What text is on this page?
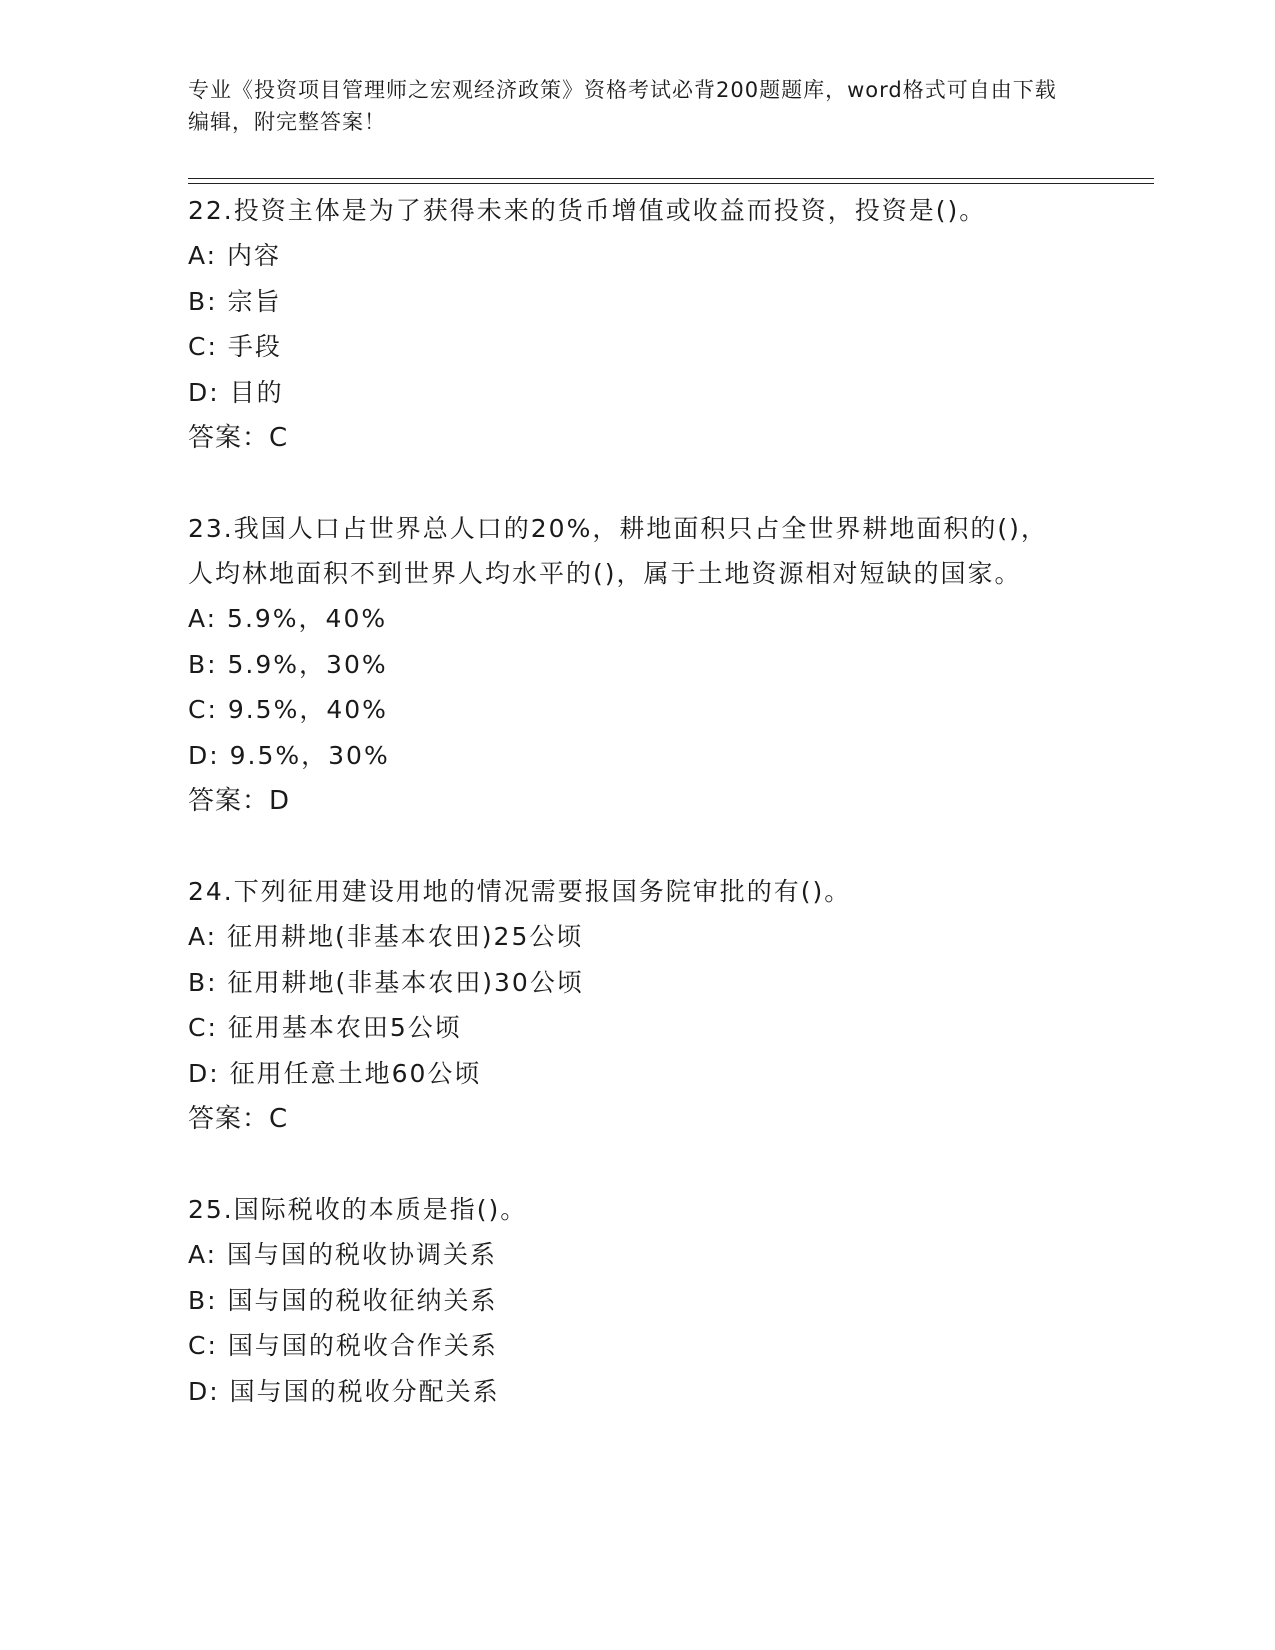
专业《投资项目管理师之宏观经济政策》资格考试必背200题题库，word格式可自由下载编辑，附完整答案！
22.投资主体是为了获得未来的货币增值或收益而投资，投资是()。
A: 内容
B: 宗旨
C: 手段
D: 目的
答案：C
23.我国人口占世界总人口的20%，耕地面积只占全世界耕地面积的()，人均林地面积不到世界人均水平的()，属于土地资源相对短缺的国家。
A: 5.9%，40%
B: 5.9%，30%
C: 9.5%，40%
D: 9.5%，30%
答案：D
24.下列征用建设用地的情况需要报国务院审批的有()。
A: 征用耕地(非基本农田)25公顷
B: 征用耕地(非基本农田)30公顷
C: 征用基本农田5公顷
D: 征用任意土地60公顷
答案：C
25.国际税收的本质是指()。
A: 国与国的税收协调关系
B: 国与国的税收征纳关系
C: 国与国的税收合作关系
D: 国与国的税收分配关系
